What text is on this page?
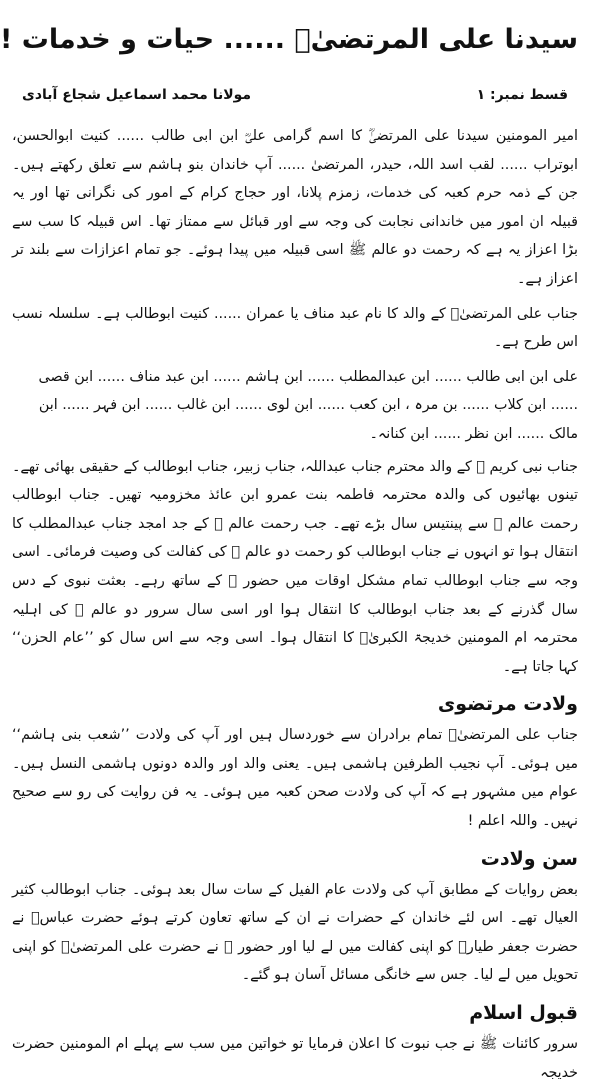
سیدنا علی المرتضیٰؓ ...... حیات و خدمات !
قسط نمبر: ۱
مولانا محمد اسماعیل شجاع آبادی

امیر المومنین سیدنا علی المرتضیٰؓ کا اسم گرامی علیؓ ابن ابی طالب ...... کنیت ابوالحسن، ابوتراب ...... لقب اسد اللہ، حیدر، المرتضیٰ ...... آپ خاندان بنو ہاشم سے تعلق رکھتے ہیں۔ جن کے ذمہ حرم کعبہ کی خدمات، زمزم پلانا، اور حجاج کرام کے امور کی نگرانی تھا اور یہ قبیلہ ان امور میں خاندانی نجابت کی وجہ سے اور قبائل سے ممتاز تھا۔ اس قبیلہ کا سب سے بڑا اعزاز یہ ہے کہ رحمت دو عالم ﷺ اسی قبیلہ میں پیدا ہوئے۔ جو تمام اعزازات سے بلند تر اعزاز ہے۔

جناب علی المرتضیٰؓ کے والد کا نام عبد مناف یا عمران ...... کنیت ابوطالب ہے۔ سلسلہ نسب اس طرح ہے۔

علی ابن ابی طالب ...... ابن عبدالمطلب ...... ابن ہاشم ...... ابن عبد مناف ...... ابن قصی ...... ابن کلاب ...... بن مرہ ، ابن کعب ...... ابن لوی ...... ابن غالب ...... ابن فہر ...... ابن مالک ...... ابن نظر ...... ابن کنانہ۔

جناب نبی کریم ﷺ کے والد محترم جناب عبداللہ، جناب زبیر، جناب ابوطالب کے حقیقی بھائی تھے۔ تینوں بھائیوں کی والدہ محترمہ فاطمہ بنت عمرو ابن عائذ مخزومیہ تھیں۔ جناب ابوطالب رحمت عالم ﷺ سے پینتیس سال بڑے تھے۔ جب رحمت عالم ﷺ کے جد امجد جناب عبدالمطلب کا انتقال ہوا تو انہوں نے جناب ابوطالب کو رحمت دو عالم ﷺ کی کفالت کی وصیت فرمائی۔ اسی وجہ سے جناب ابوطالب تمام مشکل اوقات میں حضور ﷺ کے ساتھ رہے۔ بعثت نبوی کے دس سال گذرنے کے بعد جناب ابوطالب کا انتقال ہوا اور اسی سال سرور دو عالم ﷺ کی اہلیہ محترمہ ام المومنین خدیجۃ الکبریٰؓ کا انتقال ہوا۔ اسی وجہ سے اس سال کو ’’عام الحزن‘‘ کہا جاتا ہے۔

ولادت مرتضوی

جناب علی المرتضیٰؓ تمام برادران سے خوردسال ہیں اور آپ کی ولادت ’’شعب بنی ہاشم‘‘ میں ہوئی۔ آپ نجیب الطرفین ہاشمی ہیں۔ یعنی والد اور والدہ دونوں ہاشمی النسل ہیں۔ عوام میں مشہور ہے کہ آپ کی ولادت صحن کعبہ میں ہوئی۔ یہ فن روایت کی رو سے صحیح نہیں۔ واللہ اعلم !

سن ولادت

بعض روایات کے مطابق آپ کی ولادت عام الفیل کے سات سال بعد ہوئی۔ جناب ابوطالب کثیر العیال تھے۔ اس لئے خاندان کے حضرات نے ان کے ساتھ تعاون کرتے ہوئے حضرت عباسؓ نے حضرت جعفر طیارؓ کو اپنی کفالت میں لے لیا اور حضور ﷺ نے حضرت علی المرتضیٰؓ کو اپنی تحویل میں لے لیا۔ جس سے خانگی مسائل آسان ہو گئے۔

قبول اسلام

سرور کائنات ﷺ نے جب نبوت کا اعلان فرمایا تو خواتین میں سب سے پہلے ام المومنین حضرت خدیجہ
